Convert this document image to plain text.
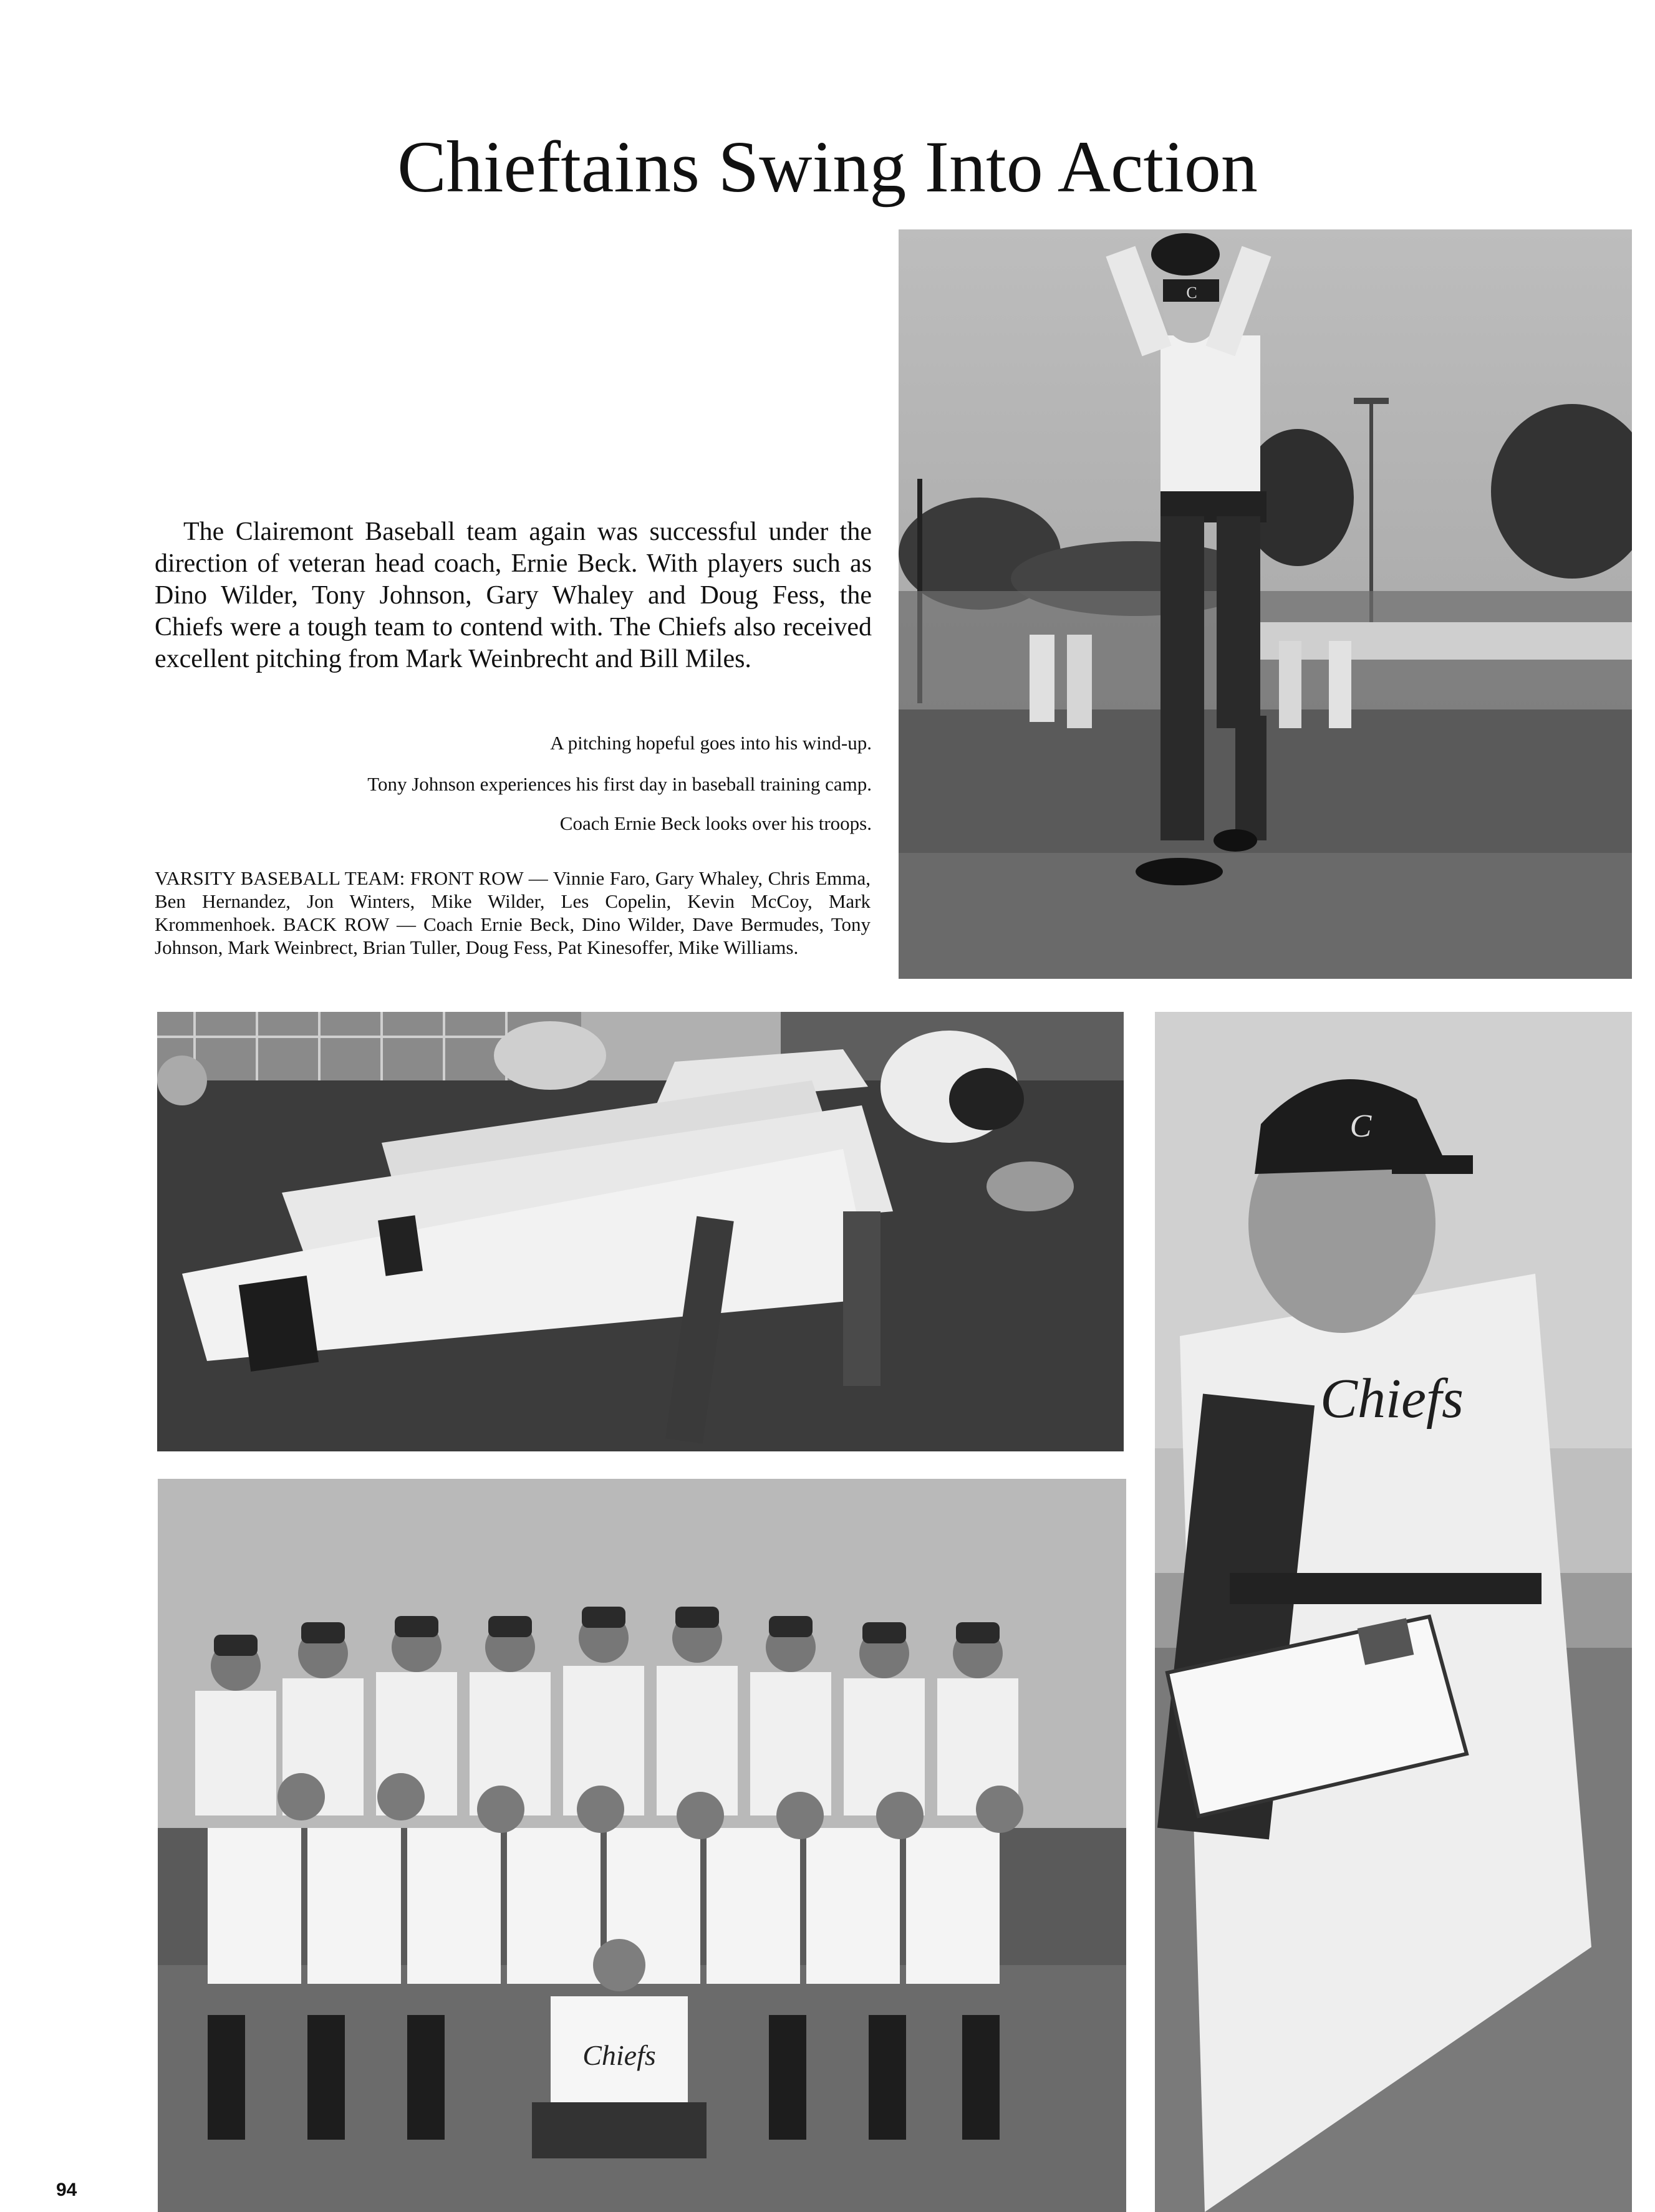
Chieftains Swing Into Action

The Clairemont Baseball team again was successful under the direction of veteran head coach, Ernie Beck. With players such as Dino Wilder, Tony Johnson, Gary Whaley and Doug Fess, the Chiefs were a tough team to contend with. The Chiefs also received excellent pitching from Mark Weinbrecht and Bill Miles.

A pitching hopeful goes into his wind-up.

Tony Johnson experiences his first day in baseball training camp.

Coach Ernie Beck looks over his troops.

VARSITY BASEBALL TEAM: FRONT ROW — Vinnie Faro, Gary Whaley, Chris Emma, Ben Hernandez, Jon Winters, Mike Wilder, Les Copelin, Kevin McCoy, Mark Krommenhoek. BACK ROW — Coach Ernie Beck, Dino Wilder, Dave Bermudes, Tony Johnson, Mark Weinbrect, Brian Tuller, Doug Fess, Pat Kinesoffer, Mike Williams.

C
Chiefs
C
Chiefs

94
